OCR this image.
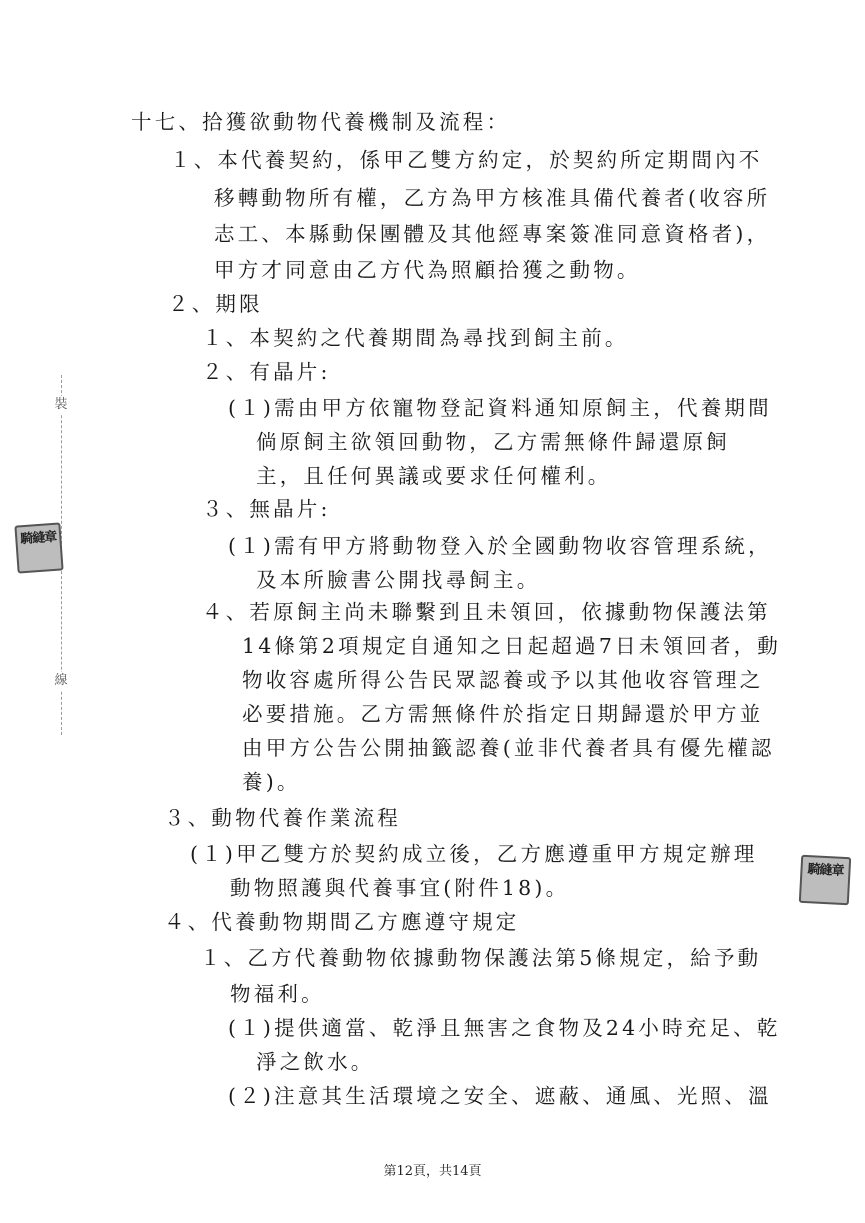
裝
線
騎縫章
騎縫章
十七、拾獲欲動物代養機制及流程：
１、本代養契約，係甲乙雙方約定，於契約所定期間內不
移轉動物所有權，乙方為甲方核准具備代養者(收容所
志工、本縣動保團體及其他經專案簽准同意資格者)，
甲方才同意由乙方代為照顧拾獲之動物。
２、期限
１、本契約之代養期間為尋找到飼主前。
２、有晶片:
(１)需由甲方依寵物登記資料通知原飼主，代養期間
倘原飼主欲領回動物，乙方需無條件歸還原飼
主，且任何異議或要求任何權利。
３、無晶片:
(１)需有甲方將動物登入於全國動物收容管理系統，
及本所臉書公開找尋飼主。
４、若原飼主尚未聯繫到且未領回，依據動物保護法第
14條第2項規定自通知之日起超過7日未領回者，動
物收容處所得公告民眾認養或予以其他收容管理之
必要措施。乙方需無條件於指定日期歸還於甲方並
由甲方公告公開抽籤認養(並非代養者具有優先權認
養)。
３、動物代養作業流程
(１)甲乙雙方於契約成立後，乙方應遵重甲方規定辦理
動物照護與代養事宜(附件18)。
４、代養動物期間乙方應遵守規定
１、乙方代養動物依據動物保護法第5條規定，給予動
物福利。
(１)提供適當、乾淨且無害之食物及24小時充足、乾
淨之飲水。
(２)注意其生活環境之安全、遮蔽、通風、光照、溫
第12頁，共14頁
